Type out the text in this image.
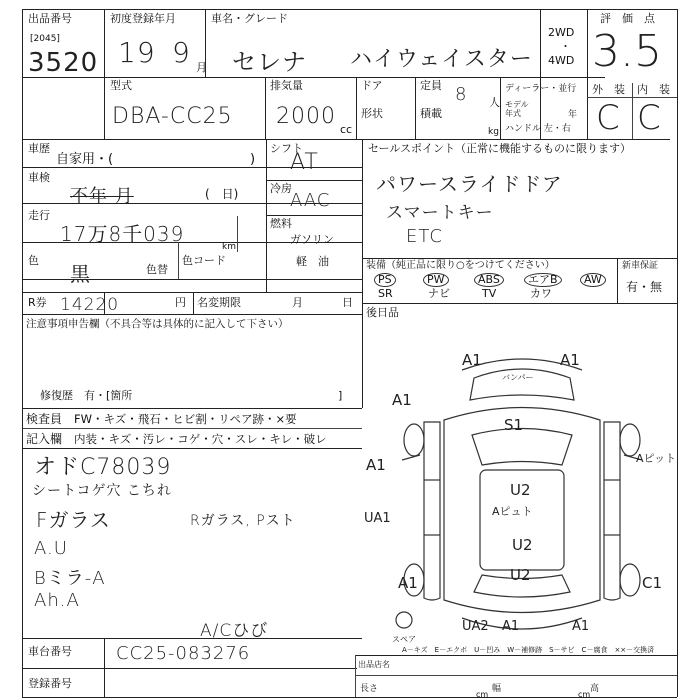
出品番号
[2045]
3520
初度登録年月
19 9 月
車名・グレード
セレナ ハイウェイスター
2WD
・
4WD
評　価　点
3.5
型式
DBA-CC25
排気量
2000
cc
ドア	定員 8 人
形状	積載
kg
ディーラー・並行
モデル年式	年
ハンドル 左・右
外　装 内　装
C C
車歴
自家用・(	)
車検
不年 月	(　日)
走行
17万8千039
km
色
黒	色替
色コード
R券 14220	円 名変期限	月	日
注意事項申告欄（不具合等は具体的に記入して下さい）
修復歴　有・[箇所	]
シフト
AT
冷房
AAC
燃料
ガソリン
軽　油
セールスポイント（正常に機能するものに限ります）
パワースライドドア
スマートキー
ETC
装備（純正品に限り○をつけてください）	新車保証
PS	PW	ABS	エアB	AW
SR	ナビ	TV	カワ	有・無
後日品
A1	A1
A1
S1
A1
U2
U2
Aピュト
A1
UA1
A1
UA2
C1
U2
A1
Aピット
バンパー
スペア
検査員 FW・キズ・飛石・ヒビ割・リペア跡・×要
記入欄 内装・キズ・汚レ・コゲ・穴・スレ・キレ・破レ
オドC78039
シートコゲ穴 こちれ
Fガラス
A.U
Bミラ-A
Ah.A
Rガラス, Pスト
A/Cひび
車台番号 CC25-083276
登録番号
A－キズ　E－エクボ　U－凹み　W－補修跡　S－サビ　C－腐食　××－交換済
出品店名
長さ
cm
幅
cm
高
